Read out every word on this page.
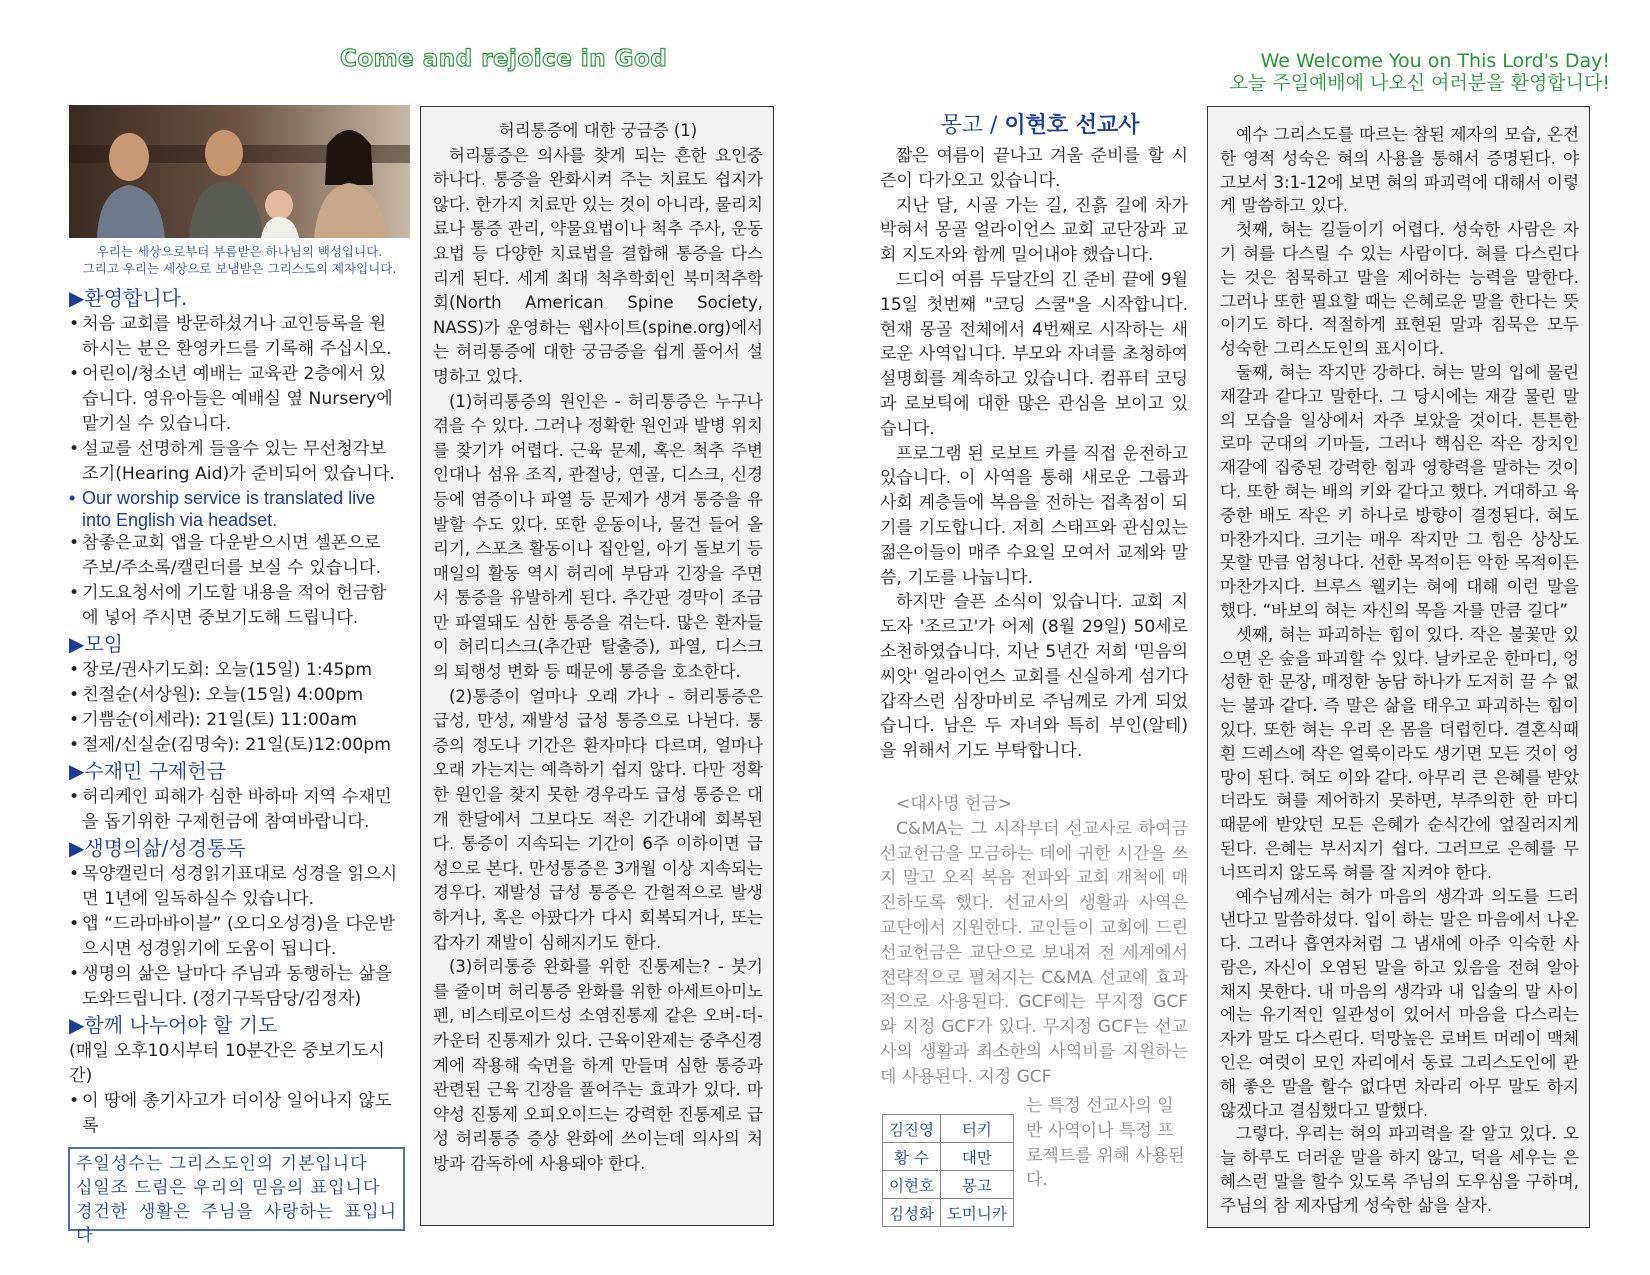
Come and rejoice in God	We Welcome You on This Lord's Day!
오늘 주일예배에 나오신 여러분을 환영합니다!
우리는 세상으로부터 부름받은 하나님의 백성입니다.
그리고 우리는 세상으로 보냄받은 그리스도의 제자입니다.
▶환영합니다.
• 처음 교회를 방문하셨거나 교인등록을 원하시는 분은 환영카드를 기록해 주십시오.
• 어린이/청소년 예배는 교육관 2층에서 있습니다. 영유아들은 예배실 옆 Nursery에 맡기실 수 있습니다.
• 설교를 선명하게 들을수 있는 무선청각보조기(Hearing Aid)가 준비되어 있습니다.
• Our worship service is translated live into English via headset.
• 참좋은교회 앱을 다운받으시면 셀폰으로 주보/주소록/캘린더를 보실 수 있습니다.
• 기도요청서에 기도할 내용을 적어 헌금함에 넣어 주시면 중보기도해 드립니다.
▶모임
• 장로/권사기도회: 오늘(15일) 1:45pm
• 친절순(서상원): 오늘(15일) 4:00pm
• 기쁨순(이세라): 21일(토) 11:00am
• 절제/신실순(김명숙): 21일(토)12:00pm
▶수재민 구제헌금
• 허리케인 피해가 심한 바하마 지역 수재민을 돕기위한 구제헌금에 참여바랍니다.
▶생명의삶/성경통독
• 목양캘린더 성경읽기표대로 성경을 읽으시면 1년에 일독하실수 있습니다.
• 앱 “드라마바이블” (오디오성경)을 다운받으시면 성경읽기에 도움이 됩니다.
• 생명의 삶은 날마다 주님과 동행하는 삶을 도와드립니다. (정기구독담당/김정자)
▶함께 나누어야 할 기도
(매일 오후10시부터 10분간은 중보기도시간)
• 이 땅에 총기사고가 더이상 일어나지 않도록
주일성수는 그리스도인의 기본입니다
십일조 드림은 우리의 믿음의 표입니다
경건한 생활은 주님을 사랑하는 표입니다
허리통증에 대한 궁금증 (1)
허리통증은 의사를 찾게 되는 흔한 요인중 하나다. 통증을 완화시켜 주는 치료도 쉽지가 않다. 한가지 치료만 있는 것이 아니라, 물리치료나 통증 관리, 약물요법이나 척추 주사, 운동요법 등 다양한 치료법을 결합해 통증을 다스리게 된다. 세계 최대 척추학회인 북미척추학회(North American Spine Society, NASS)가 운영하는 웹사이트(spine.org)에서는 허리통증에 대한 궁금증을 쉽게 풀어서 설명하고 있다.
(1)허리통증의 원인은 - 허리통증은 누구나 겪을 수 있다. 그러나 정확한 원인과 발병 위치를 찾기가 어렵다. 근육 문제, 혹은 척추 주변 인대나 섬유 조직, 관절낭, 연골, 디스크, 신경 등에 염증이나 파열 등 문제가 생겨 통증을 유발할 수도 있다. 또한 운동이나, 물건 들어 올리기, 스포츠 활동이나 집안일, 아기 돌보기 등 매일의 활동 역시 허리에 부담과 긴장을 주면서 통증을 유발하게 된다. 추간판 경막이 조금만 파열돼도 심한 통증을 겪는다. 많은 환자들이 허리디스크(추간판 탈출증), 파열, 디스크의 퇴행성 변화 등 때문에 통증을 호소한다.
(2)통증이 얼마나 오래 가나 - 허리통증은 급성, 만성, 재발성 급성 통증으로 나뉜다. 통증의 정도나 기간은 환자마다 다르며, 얼마나 오래 가는지는 예측하기 쉽지 않다. 다만 정확한 원인을 찾지 못한 경우라도 급성 통증은 대개 한달에서 그보다도 적은 기간내에 회복된다. 통증이 지속되는 기간이 6주 이하이면 급성으로 본다. 만성통증은 3개월 이상 지속되는 경우다. 재발성 급성 통증은 간헐적으로 발생하거나, 혹은 아팠다가 다시 회복되거나, 또는 갑자기 재발이 심해지기도 한다.
(3)허리통증 완화를 위한 진통제는? - 붓기를 줄이며 허리통증 완화를 위한 아세트아미노펜, 비스테로이드성 소염진통제 같은 오버-더-카운터 진통제가 있다. 근육이완제는 중추신경계에 작용해 숙면을 하게 만들며 심한 통증과 관련된 근육 긴장을 풀어주는 효과가 있다. 마약성 진통제 오피오이드는 강력한 진통제로 급성 허리통증 증상 완화에 쓰이는데 의사의 처방과 감독하에 사용돼야 한다.
몽고 / 이현호 선교사
짧은 여름이 끝나고 겨울 준비를 할 시즌이 다가오고 있습니다.
지난 달, 시골 가는 길, 진흙 길에 차가 박혀서 몽골 얼라이언스 교회 교단장과 교회 지도자와 함께 밀어내야 했습니다.
드디어 여름 두달간의 긴 준비 끝에 9월 15일 첫번째 "코딩 스쿨"을 시작합니다. 현재 몽골 전체에서 4번째로 시작하는 새로운 사역입니다. 부모와 자녀를 초청하여 설명회를 계속하고 있습니다. 컴퓨터 코딩과 로보틱에 대한 많은 관심을 보이고 있습니다.
프로그램 된 로보트 카를 직접 운전하고 있습니다. 이 사역을 통해 새로운 그룹과 사회 계층들에 복음을 전하는 접촉점이 되기를 기도합니다. 저희 스태프와 관심있는 젊은이들이 매주 수요일 모여서 교제와 말씀, 기도를 나눕니다.
하지만 슬픈 소식이 있습니다. 교회 지도자 '조르고'가 어제 (8월 29일) 50세로 소천하였습니다. 지난 5년간 저희 '믿음의 씨앗' 얼라이언스 교회를 신실하게 섬기다 갑작스런 심장마비로 주님께로 가게 되었습니다. 남은 두 자녀와 특히 부인(알테)을 위해서 기도 부탁합니다.
<대사명 헌금>
C&MA는 그 시작부터 선교사로 하여금 선교헌금을 모금하는 데에 귀한 시간을 쓰지 말고 오직 복음 전파와 교회 개척에 매진하도록 했다. 선교사의 생활과 사역은 교단에서 지원한다. 교인들이 교회에 드린 선교헌금은 교단으로 보내져 전 세계에서 전략적으로 펼쳐지는 C&MA 선교에 효과적으로 사용된다. GCF에는 무지정 GCF와 지정 GCF가 있다. 무지정 GCF는 선교사의 생활과 최소한의 사역비를 지원하는데 사용된다. 지정 GCF
김진영	터키
황 수	대만
이현호	몽고
김성화	도미니카
는 특정 선교사의 일반 사역이나 특정 프로젝트를 위해 사용된다.
예수 그리스도를 따르는 참된 제자의 모습, 온전한 영적 성숙은 혀의 사용을 통해서 증명된다. 야고보서 3:1-12에 보면 혀의 파괴력에 대해서 이렇게 말씀하고 있다.
첫째, 혀는 길들이기 어렵다. 성숙한 사람은 자기 혀를 다스릴 수 있는 사람이다. 혀를 다스린다는 것은 침묵하고 말을 제어하는 능력을 말한다. 그러나 또한 필요할 때는 은혜로운 말을 한다는 뜻이기도 하다. 적절하게 표현된 말과 침묵은 모두 성숙한 그리스도인의 표시이다.
둘째, 혀는 작지만 강하다. 혀는 말의 입에 물린 재갈과 같다고 말한다. 그 당시에는 재갈 물린 말의 모습을 일상에서 자주 보았을 것이다. 튼튼한 로마 군대의 기마들, 그러나 핵심은 작은 장치인 재갈에 집중된 강력한 힘과 영향력을 말하는 것이다. 또한 혀는 배의 키와 같다고 했다. 거대하고 육중한 배도 작은 키 하나로 방향이 결정된다. 혀도 마찬가지다. 크기는 매우 작지만 그 힘은 상상도 못할 만큼 엄청나다. 선한 목적이든 악한 목적이든 마찬가지다. 브루스 웰키는 혀에 대해 이런 말을 했다. “바보의 혀는 자신의 목을 자를 만큼 길다”
셋째, 혀는 파괴하는 힘이 있다. 작은 불꽃만 있으면 온 숲을 파괴할 수 있다. 날카로운 한마디, 엉성한 한 문장, 매정한 농담 하나가 도저히 끌 수 없는 불과 같다. 즉 말은 삶을 태우고 파괴하는 힘이 있다. 또한 혀는 우리 온 몸을 더럽힌다. 결혼식때 흰 드레스에 작은 얼룩이라도 생기면 모든 것이 엉망이 된다. 혀도 이와 같다. 아무리 큰 은혜를 받았더라도 혀를 제어하지 못하면, 부주의한 한 마디 때문에 받았던 모든 은혜가 순식간에 엎질러지게 된다. 은혜는 부서지기 쉽다. 그러므로 은혜를 무너뜨리지 않도록 혀를 잘 지켜야 한다.
예수님께서는 혀가 마음의 생각과 의도를 드러낸다고 말씀하셨다. 입이 하는 말은 마음에서 나온다. 그러나 흡연자처럼 그 냄새에 아주 익숙한 사람은, 자신이 오염된 말을 하고 있음을 전혀 알아채지 못한다. 내 마음의 생각과 내 입술의 말 사이에는 유기적인 일관성이 있어서 마음을 다스리는 자가 말도 다스린다. 덕망높은 로버트 머레이 맥체인은 여럿이 모인 자리에서 동료 그리스도인에 관해 좋은 말을 할수 없다면 차라리 아무 말도 하지 않겠다고 결심했다고 말했다.
그렇다. 우리는 혀의 파괴력을 잘 알고 있다. 오늘 하루도 더러운 말을 하지 않고, 덕을 세우는 은혜스런 말을 할수 있도록 주님의 도우심을 구하며, 주님의 참 제자답게 성숙한 삶을 살자.
